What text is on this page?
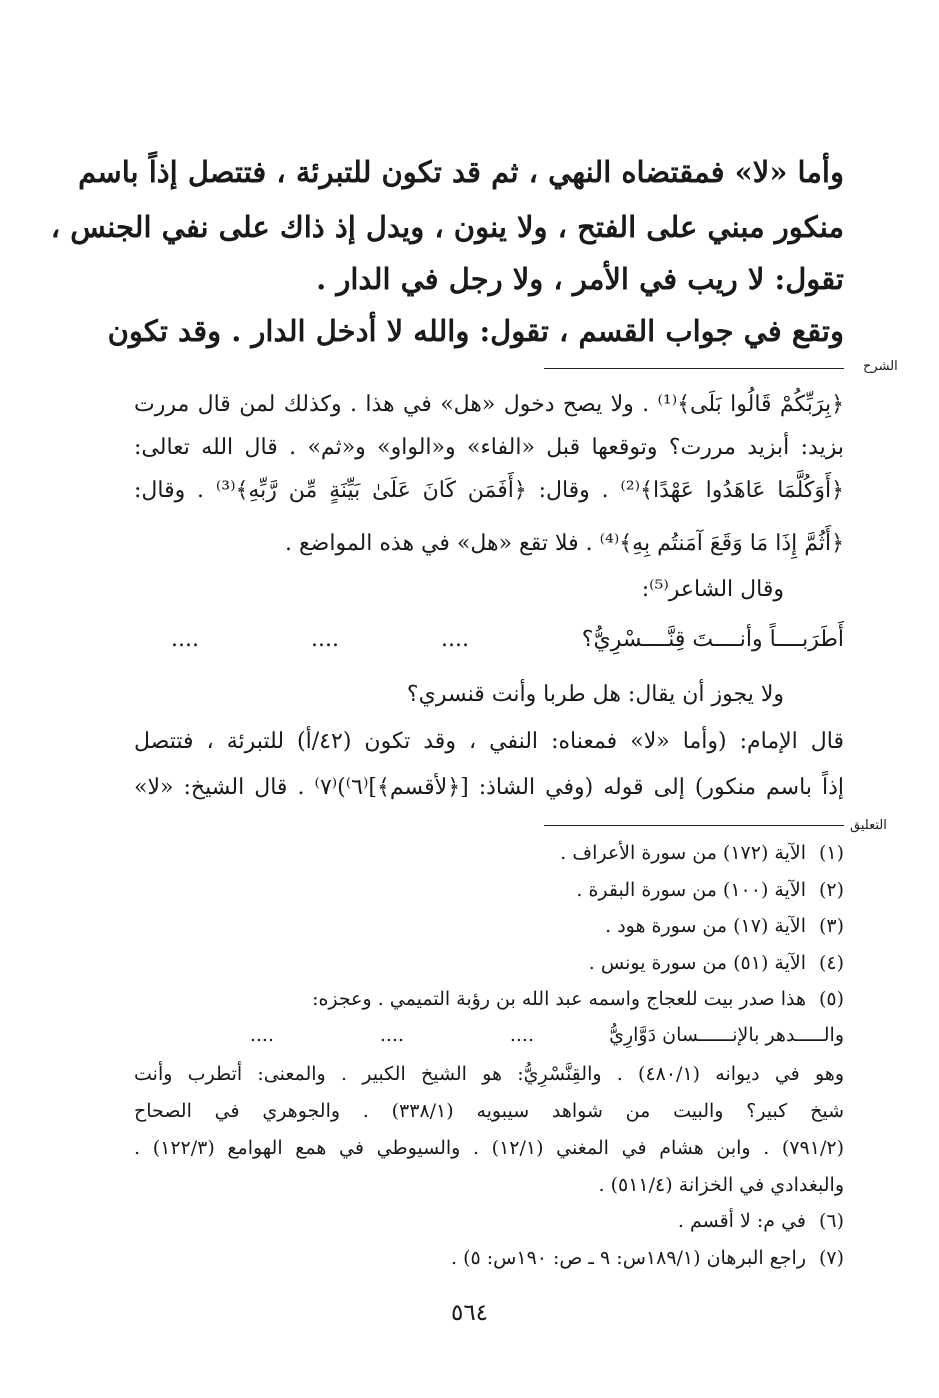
وأما «لا» فمقتضاه النهي ، ثم قد تكون للتبرئة ، فتتصل إذاً باسم
منكور مبني على الفتح ، ولا ينون ، ويدل إذ ذاك على نفي الجنس ،
تقول: لا ريب في الأمر ، ولا رجل في الدار .
وتقع في جواب القسم ، تقول: والله لا أدخل الدار . وقد تكون
الشرح
﴿بِرَبِّكُمْ قَالُوا بَلَى﴾⁽¹⁾ . ولا يصح دخول «هل» في هذا . وكذلك لمن قال مررت
بزيد: أبزيد مررت؟ وتوقعها قبل «الفاء» و«الواو» و«ثم» . قال الله تعالى:
﴿أَوَكُلَّمَا عَاهَدُوا عَهْدًا﴾⁽²⁾ . وقال: ﴿أَفَمَن كَانَ عَلَىٰ بَيِّنَةٍ مِّن رَّبِّهِ﴾⁽³⁾ . وقال:
﴿أَثُمَّ إِذَا مَا وَقَعَ آمَنتُم بِهِ﴾⁽⁴⁾ . فلا تقع «هل» في هذه المواضع .
وقال الشاعر⁽⁵⁾:
أَطَرَبــــاً وأنــــتَ قِنَّــــسْرِيُّ؟
....
....
....
ولا يجوز أن يقال: هل طربا وأنت قنسري؟
قال الإمام: (وأما «لا» فمعناه: النفي ، وقد تكون (٤٢/أ) للتبرئة ، فتتصل
إذاً باسم منكور) إلى قوله (وفي الشاذ: [﴿لأقسم﴾]⁽٦⁾)⁽٧⁾ . قال الشيخ: «لا»
التعليق
(١)الآية (١٧٢) من سورة الأعراف .
(٢)الآية (١٠٠) من سورة البقرة .
(٣)الآية (١٧) من سورة هود .
(٤)الآية (٥١) من سورة يونس .
(٥)هذا صدر بيت للعجاج واسمه عبد الله بن رؤبة التميمي . وعجزه:
والـــــدهر بالإنــــــسان دَوَّارِيُّ
....
....
....
وهو في ديوانه (٤٨٠/١) . والقِنَّسْرِيُّ: هو الشيخ الكبير . والمعنى: أتطرب وأنت
شيخ كبير؟ والبيت من شواهد سيبويه (٣٣٨/١) . والجوهري في الصحاح
(٧٩١/٢) . وابن هشام في المغني (١٢/١) . والسيوطي في همع الهوامع (١٢٢/٣) .
والبغدادي في الخزانة (٥١١/٤) .
(٦)في م: لا أقسم .
(٧)راجع البرهان (١٨٩/١س: ٩ ـ ص: ١٩٠س: ٥) .
٥٦٤
